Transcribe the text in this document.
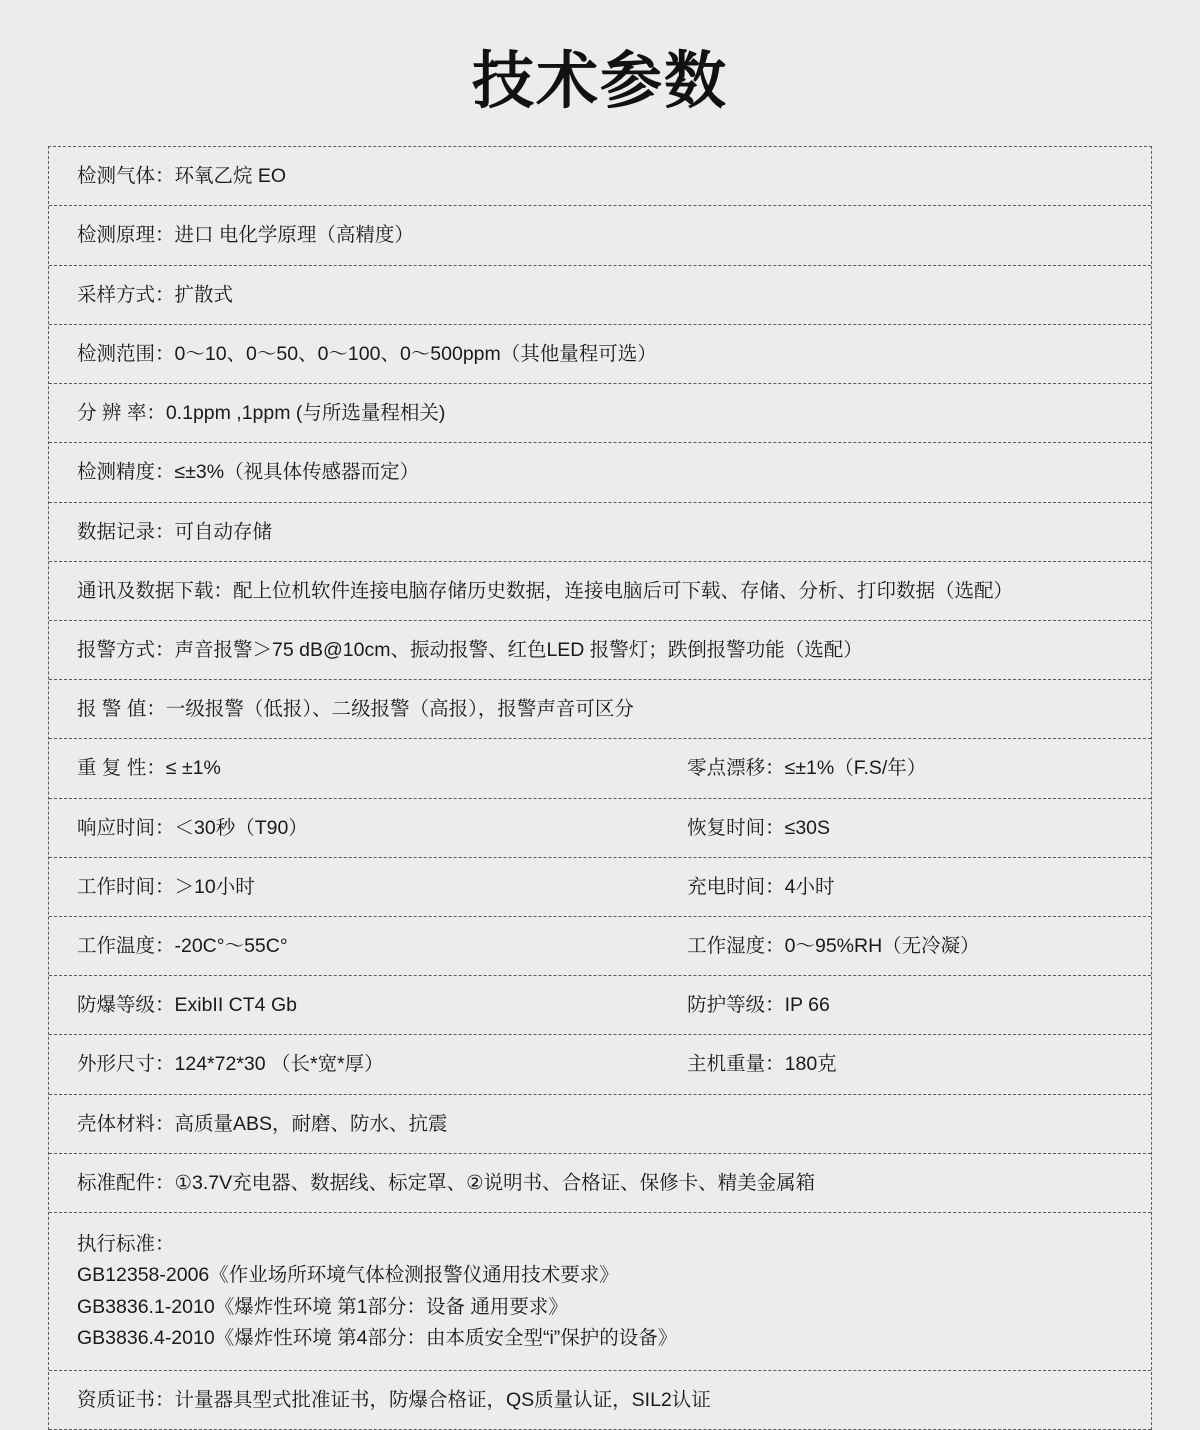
技术参数
检测气体：环氧乙烷 EO
检测原理：进口 电化学原理（高精度）
采样方式：扩散式
检测范围：0～10、0～50、0～100、0～500ppm（其他量程可选）
分 辨 率：0.1ppm ,1ppm (与所选量程相关)
检测精度：≤±3%（视具体传感器而定）
数据记录：可自动存储
通讯及数据下载：配上位机软件连接电脑存储历史数据，连接电脑后可下载、存储、分析、打印数据（选配）
报警方式：声音报警＞75 dB@10cm、振动报警、红色LED 报警灯；跌倒报警功能（选配）
报 警 值：一级报警（低报）、二级报警（高报），报警声音可区分
重 复 性：≤ ±1%	零点漂移：≤±1%（F.S/年）
响应时间：＜30秒（T90）	恢复时间：≤30S
工作时间：＞10小时	充电时间：4小时
工作温度：-20C°～55C°	工作湿度：0～95%RH（无冷凝）
防爆等级：ExibII CT4 Gb	防护等级：IP 66
外形尺寸：124*72*30 （长*宽*厚）	主机重量：180克
壳体材料：高质量ABS，耐磨、防水、抗震
标准配件：①3.7V充电器、数据线、标定罩、②说明书、合格证、保修卡、精美金属箱
执行标准：
GB12358-2006《作业场所环境气体检测报警仪通用技术要求》
GB3836.1-2010《爆炸性环境 第1部分：设备 通用要求》
GB3836.4-2010《爆炸性环境 第4部分：由本质安全型“i”保护的设备》
资质证书：计量器具型式批准证书，防爆合格证，QS质量认证，SIL2认证
